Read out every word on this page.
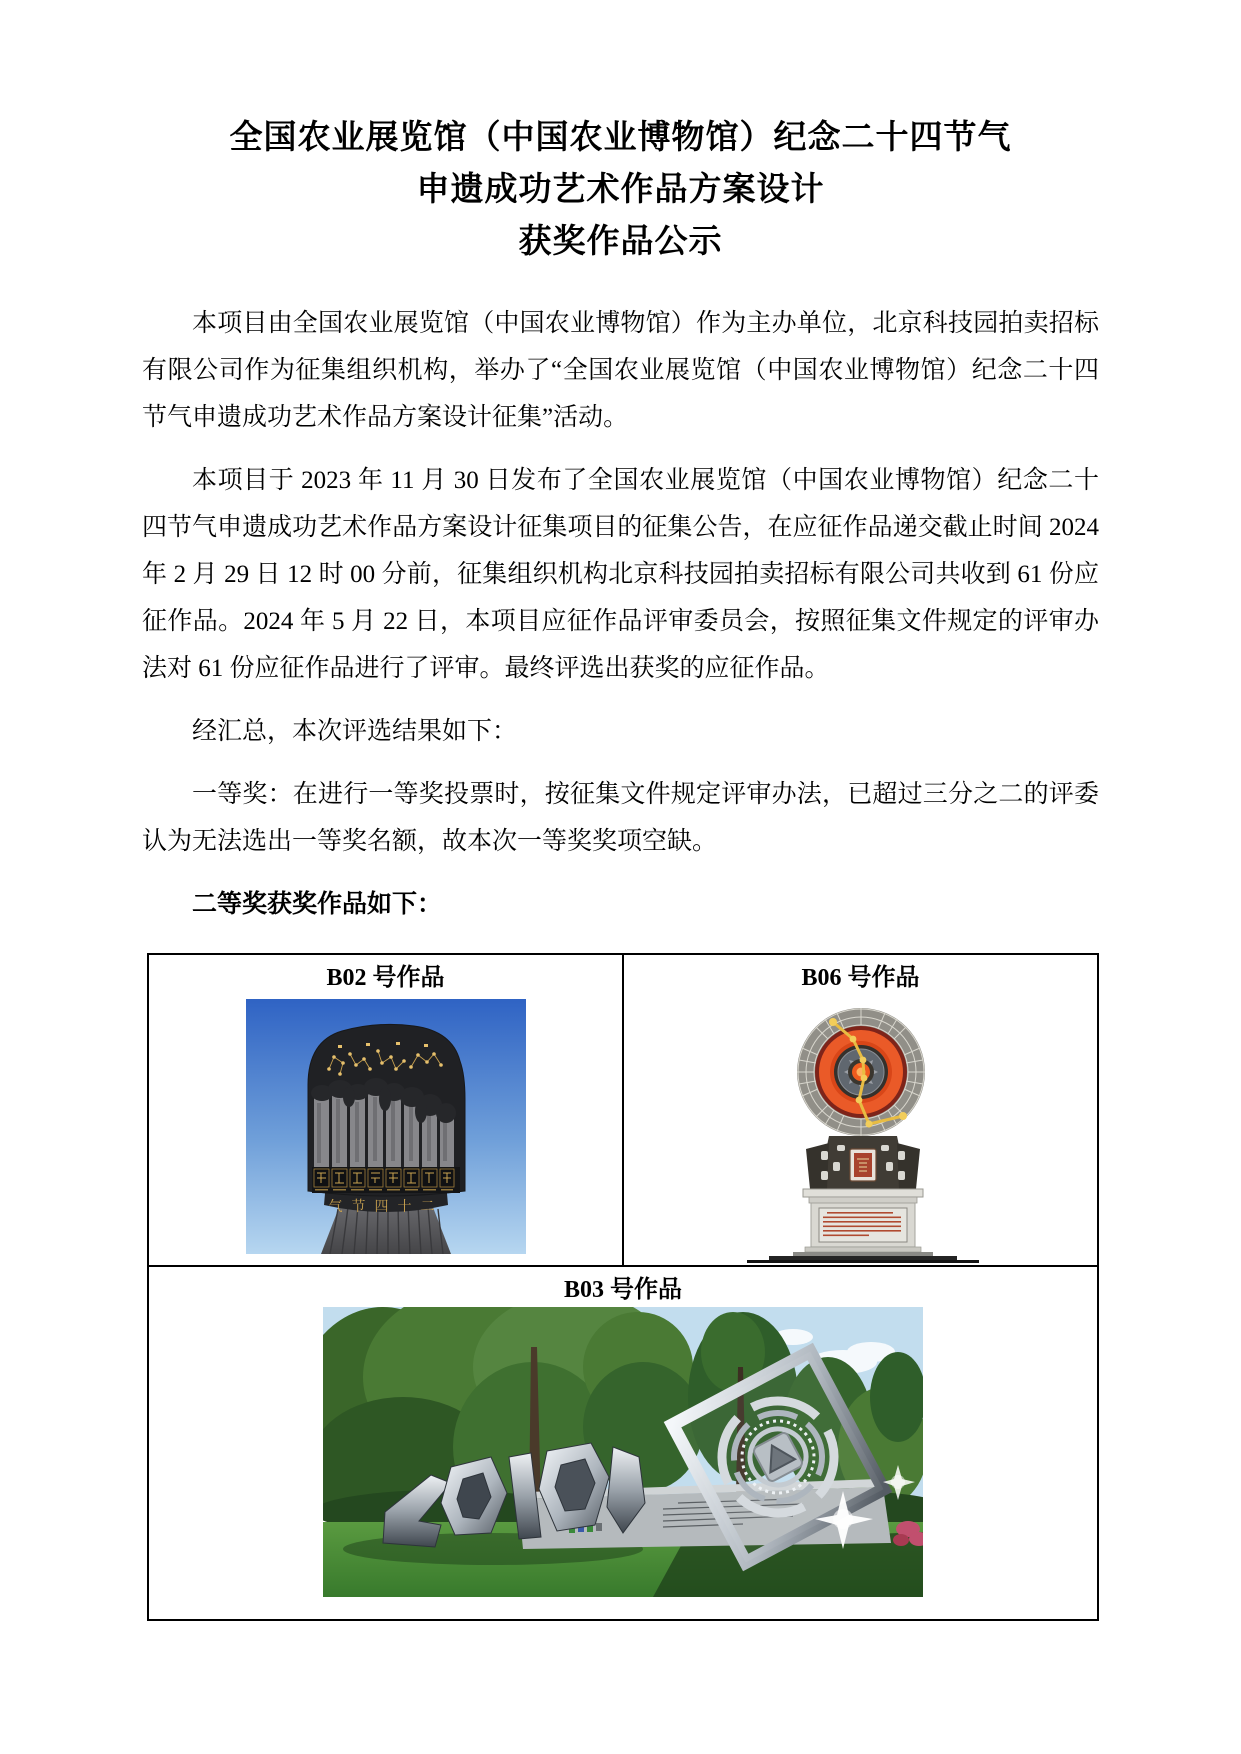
全国农业展览馆（中国农业博物馆）纪念二十四节气
申遗成功艺术作品方案设计
获奖作品公示

本项目由全国农业展览馆（中国农业博物馆）作为主办单位，北京科技园拍卖招标有限公司作为征集组织机构，举办了“全国农业展览馆（中国农业博物馆）纪念二十四节气申遗成功艺术作品方案设计征集”活动。

本项目于 2023 年 11 月 30 日发布了全国农业展览馆（中国农业博物馆）纪念二十四节气申遗成功艺术作品方案设计征集项目的征集公告，在应征作品递交截止时间 2024 年 2 月 29 日 12 时 00 分前，征集组织机构北京科技园拍卖招标有限公司共收到 61 份应征作品。2024 年 5 月 22 日，本项目应征作品评审委员会，按照征集文件规定的评审办法对 61 份应征作品进行了评审。最终评选出获奖的应征作品。

经汇总，本次评选结果如下：

一等奖：在进行一等奖投票时，按征集文件规定评审办法，已超过三分之二的评委认为无法选出一等奖名额，故本次一等奖奖项空缺。

二等奖获奖作品如下：

B02 号作品
气节四十二

B06 号作品

B03 号作品
